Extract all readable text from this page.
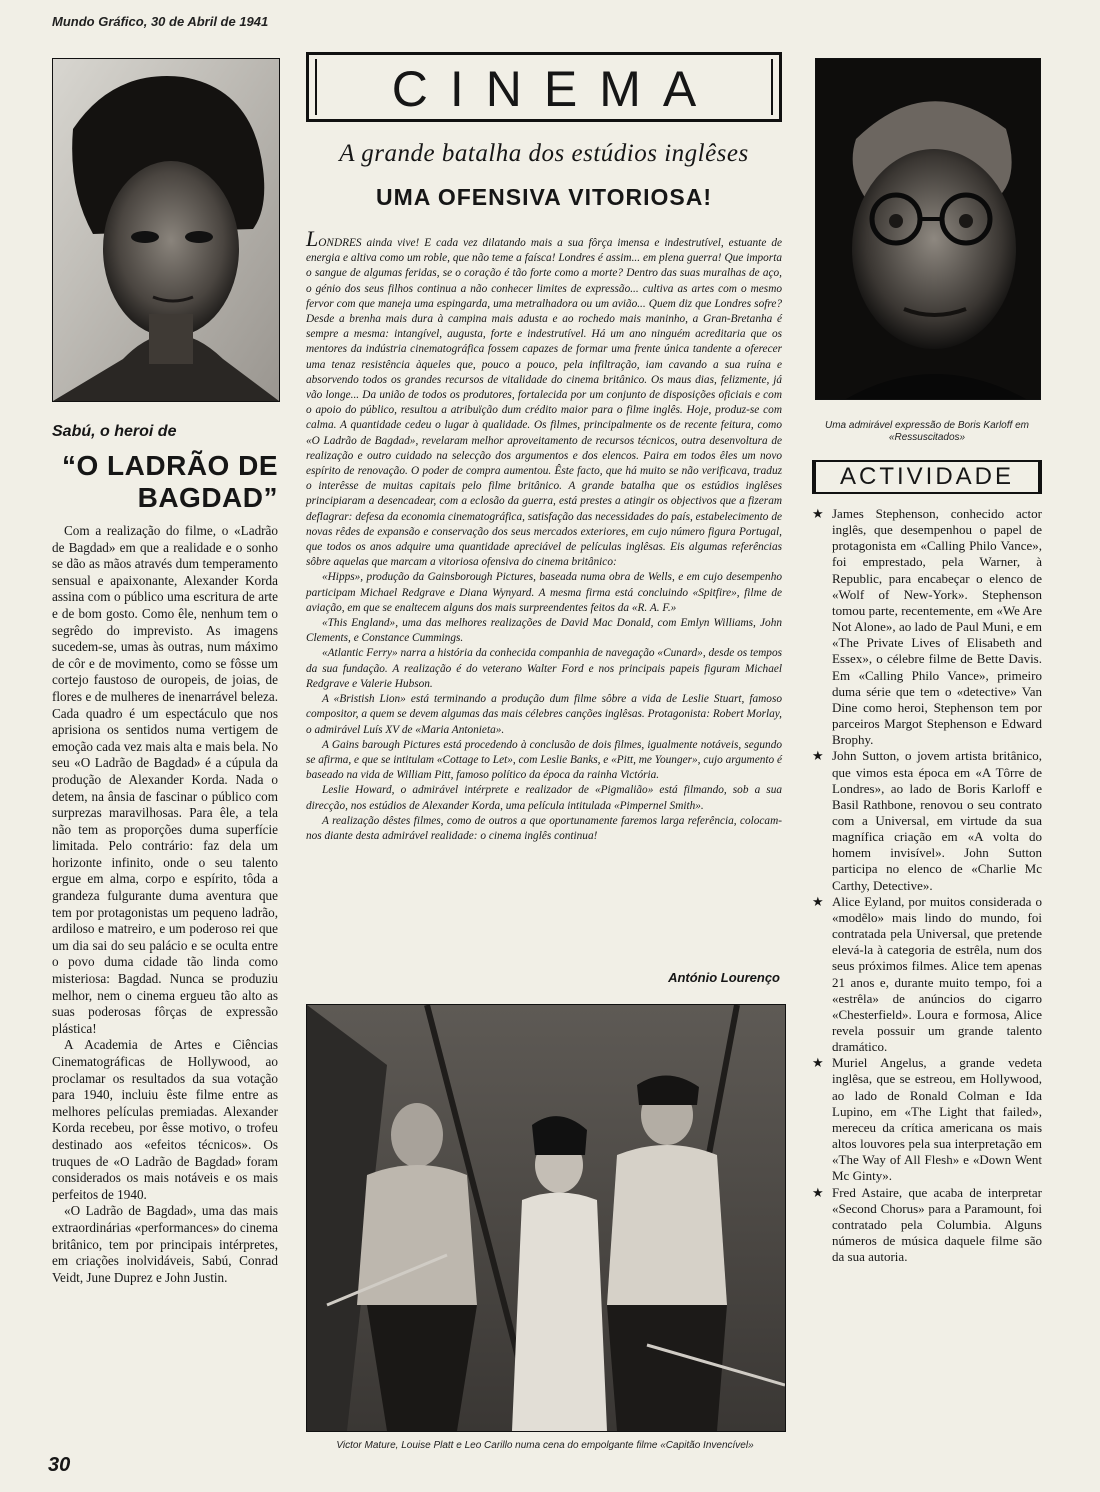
Mundo Gráfico, 30 de Abril de 1941
Uma admirável expressão de Boris Karloff em «Ressuscitados»
Sabú, o heroi de
“O LADRÃO DE BAGDAD”

Com a realização do filme, o «Ladrão de Bagdad» em que a realidade e o sonho se dão as mãos através dum temperamento sensual e apaixonante, Alexander Korda assina com o público uma escritura de arte e de bom gosto. Como êle, nenhum tem o segrêdo do imprevisto. As imagens sucedem-se, umas às outras, num máximo de côr e de movimento, como se fôsse um cortejo faustoso de ouropeis, de joias, de flores e de mulheres de inenarrável beleza. Cada quadro é um espectáculo que nos aprisiona os sentidos numa vertigem de emoção cada vez mais alta e mais bela. No seu «O Ladrão de Bagdad» é a cúpula da produção de Alexander Korda. Nada o detem, na ânsia de fascinar o público com surprezas maravilhosas. Para êle, a tela não tem as proporções duma superfície limitada. Pelo contrário: faz dela um horizonte infinito, onde o seu talento ergue em alma, corpo e espírito, tôda a grandeza fulgurante duma aventura que tem por protagonistas um pequeno ladrão, ardiloso e matreiro, e um poderoso rei que um dia sai do seu palácio e se oculta entre o povo duma cidade tão linda como misteriosa: Bagdad. Nunca se produziu melhor, nem o cinema ergueu tão alto as suas poderosas fôrças de expressão plástica!

A Academia de Artes e Ciências Cinematográficas de Hollywood, ao proclamar os resultados da sua votação para 1940, incluiu êste filme entre as melhores películas premiadas. Alexander Korda recebeu, por êsse motivo, o trofeu destinado aos «efeitos técnicos». Os truques de «O Ladrão de Bagdad» foram considerados os mais notáveis e os mais perfeitos de 1940.

«O Ladrão de Bagdad», uma das mais extraordinárias «performances» do cinema britânico, tem por principais intérpretes, em criações inolvidáveis, Sabú, Conrad Veidt, June Duprez e John Justin.

CINEMA
A grande batalha dos estúdios inglêses
UMA OFENSIVA VITORIOSA!

LONDRES ainda vive! E cada vez dilatando mais a sua fôrça imensa e indestrutível, estuante de energia e altiva como um roble, que não teme a faísca! Londres é assim... em plena guerra! Que importa o sangue de algumas feridas, se o coração é tão forte como a morte? Dentro das suas muralhas de aço, o génio dos seus filhos continua a não conhecer limites de expressão... cultiva as artes com o mesmo fervor com que maneja uma espingarda, uma metralhadora ou um avião... Quem diz que Londres sofre? Desde a brenha mais dura à campina mais adusta e ao rochedo mais maninho, a Gran-Bretanha é sempre a mesma: intangível, augusta, forte e indestrutível. Há um ano ninguém acreditaria que os mentores da indústria cinematográfica fossem capazes de formar uma frente única tandente a oferecer uma tenaz resistência àqueles que, pouco a pouco, pela infiltração, iam cavando a sua ruína e absorvendo todos os grandes recursos de vitalidade do cinema britânico. Os maus dias, felizmente, já vão longe... Da união de todos os produtores, fortalecida por um conjunto de disposições oficiais e com o apoio do público, resultou a atribuïção dum crédito maior para o filme inglês. Hoje, produz-se com calma. A quantidade cedeu o lugar à qualidade. Os filmes, principalmente os de recente feitura, como «O Ladrão de Bagdad», revelaram melhor aproveitamento de recursos técnicos, outra desenvoltura de realização e outro cuidado na selecção dos argumentos e dos elencos. Paira em todos êles um novo espírito de renovação. O poder de compra aumentou. Êste facto, que há muito se não verificava, traduz o interêsse de muitas capitais pelo filme britânico. A grande batalha que os estúdios inglêses principiaram a desencadear, com a eclosão da guerra, está prestes a atingir os objectivos que a fizeram deflagrar: defesa da economia cinematográfica, satisfação das necessidades do país, estabelecimento de novas rêdes de expansão e conservação dos seus mercados exteriores, em cujo número figura Portugal, que todos os anos adquire uma quantidade apreciável de películas inglêsas. Eis algumas referências sôbre aquelas que marcam a vitoriosa ofensiva do cinema britânico:

«Hipps», produção da Gainsborough Pictures, baseada numa obra de Wells, e em cujo desempenho participam Michael Redgrave e Diana Wynyard. A mesma firma está concluindo «Spitfire», filme de aviação, em que se enaltecem alguns dos mais surpreendentes feitos da «R. A. F.»

«This England», uma das melhores realizações de David Mac Donald, com Emlyn Williams, John Clements, e Constance Cummings.

«Atlantic Ferry» narra a história da conhecida companhia de navegação «Cunard», desde os tempos da sua fundação. A realização é do veterano Walter Ford e nos principais papeis figuram Michael Redgrave e Valerie Hubson.

A «Bristish Lion» está terminando a produção dum filme sôbre a vida de Leslie Stuart, famoso compositor, a quem se devem algumas das mais célebres canções inglêsas. Protagonista: Robert Morlay, o admirável Luís XV de «Maria Antonieta».

A Gains barough Pictures está procedendo à conclusão de dois filmes, igualmente notáveis, segundo se afirma, e que se intitulam «Cottage to Let», com Leslie Banks, e «Pitt, me Younger», cujo argumento é baseado na vida de William Pitt, famoso político da época da rainha Victória.

Leslie Howard, o admirável intérprete e realizador de «Pigmalião» está filmando, sob a sua direcção, nos estúdios de Alexander Korda, uma película intitulada «Pimpernel Smith».

A realização dêstes filmes, como de outros a que oportunamente faremos larga referência, colocam-nos diante desta admirável realidade: o cinema inglês continua!

António Lourenço
Victor Mature, Louise Platt e Leo Carillo numa cena do empolgante filme «Capitão Invencível»
ACTIVIDADE

★ James Stephenson, conhecido actor inglês, que desempenhou o papel de protagonista em «Calling Philo Vance», foi emprestado, pela Warner, à Republic, para encabeçar o elenco de «Wolf of New-York». Stephenson tomou parte, recentemente, em «We Are Not Alone», ao lado de Paul Muni, e em «The Private Lives of Elisabeth and Essex», o célebre filme de Bette Davis. Em «Calling Philo Vance», primeiro duma série que tem o «detective» Van Dine como heroi, Stephenson tem por parceiros Margot Stephenson e Edward Brophy.

★ John Sutton, o jovem artista britânico, que vimos esta época em «A Tôrre de Londres», ao lado de Boris Karloff e Basil Rathbone, renovou o seu contrato com a Universal, em virtude da sua magnífica criação em «A volta do homem invisível». John Sutton participa no elenco de «Charlie Mc Carthy, Detective».

★ Alice Eyland, por muitos considerada o «modêlo» mais lindo do mundo, foi contratada pela Universal, que pretende elevá-la à categoria de estrêla, num dos seus próximos filmes. Alice tem apenas 21 anos e, durante muito tempo, foi a «estrêla» de anúncios do cigarro «Chesterfield». Loura e formosa, Alice revela possuir um grande talento dramático.

★ Muriel Angelus, a grande vedeta inglêsa, que se estreou, em Hollywood, ao lado de Ronald Colman e Ida Lupino, em «The Light that failed», mereceu da crítica americana os mais altos louvores pela sua interpretação em «The Way of All Flesh» e «Down Went Mc Ginty».

★ Fred Astaire, que acaba de interpretar «Second Chorus» para a Paramount, foi contratado pela Columbia. Alguns números de música daquele filme são da sua autoria.

30
